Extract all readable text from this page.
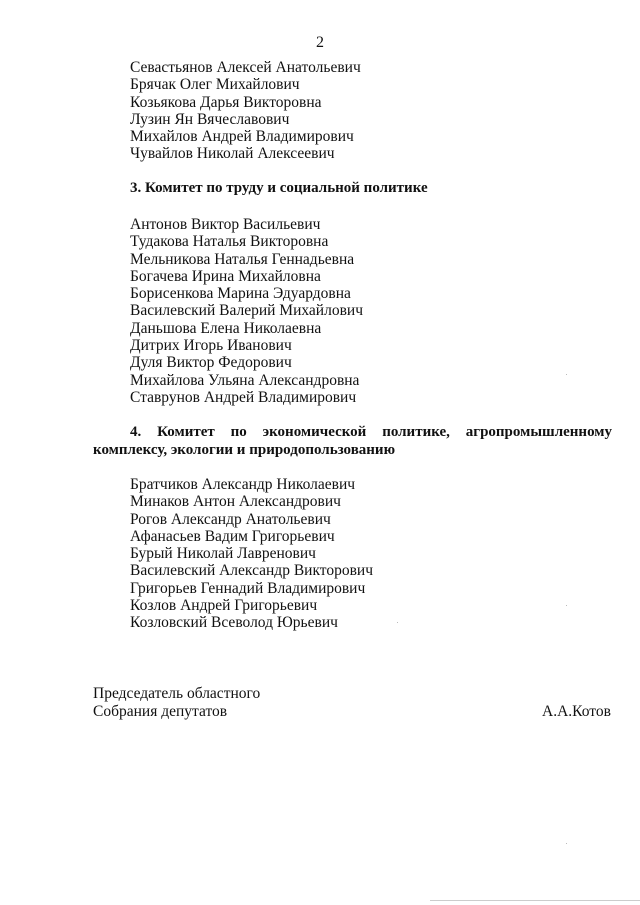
2
Севастьянов Алексей Анатольевич
Брячак Олег Михайлович
Козьякова Дарья Викторовна
Лузин Ян Вячеславович
Михайлов Андрей Владимирович
Чувайлов Николай Алексеевич
3. Комитет по труду и социальной политике
Антонов Виктор Васильевич
Тудакова Наталья Викторовна
Мельникова Наталья Геннадьевна
Богачева Ирина Михайловна
Борисенкова Марина Эдуардовна
Василевский Валерий Михайлович
Даньшова Елена Николаевна
Дитрих Игорь Иванович
Дуля Виктор Федорович
Михайлова Ульяна Александровна
Ставрунов Андрей Владимирович
4. Комитет по экономической политике, агропромышленному
комплексу, экологии и природопользованию
Братчиков Александр Николаевич
Минаков Антон Александрович
Рогов Александр Анатольевич
Афанасьев Вадим Григорьевич
Бурый Николай Лавренович
Василевский Александр Викторович
Григорьев Геннадий Владимирович
Козлов Андрей Григорьевич
Козловский Всеволод Юрьевич
Председатель областного
Собрания депутатов	А.А.Котов
